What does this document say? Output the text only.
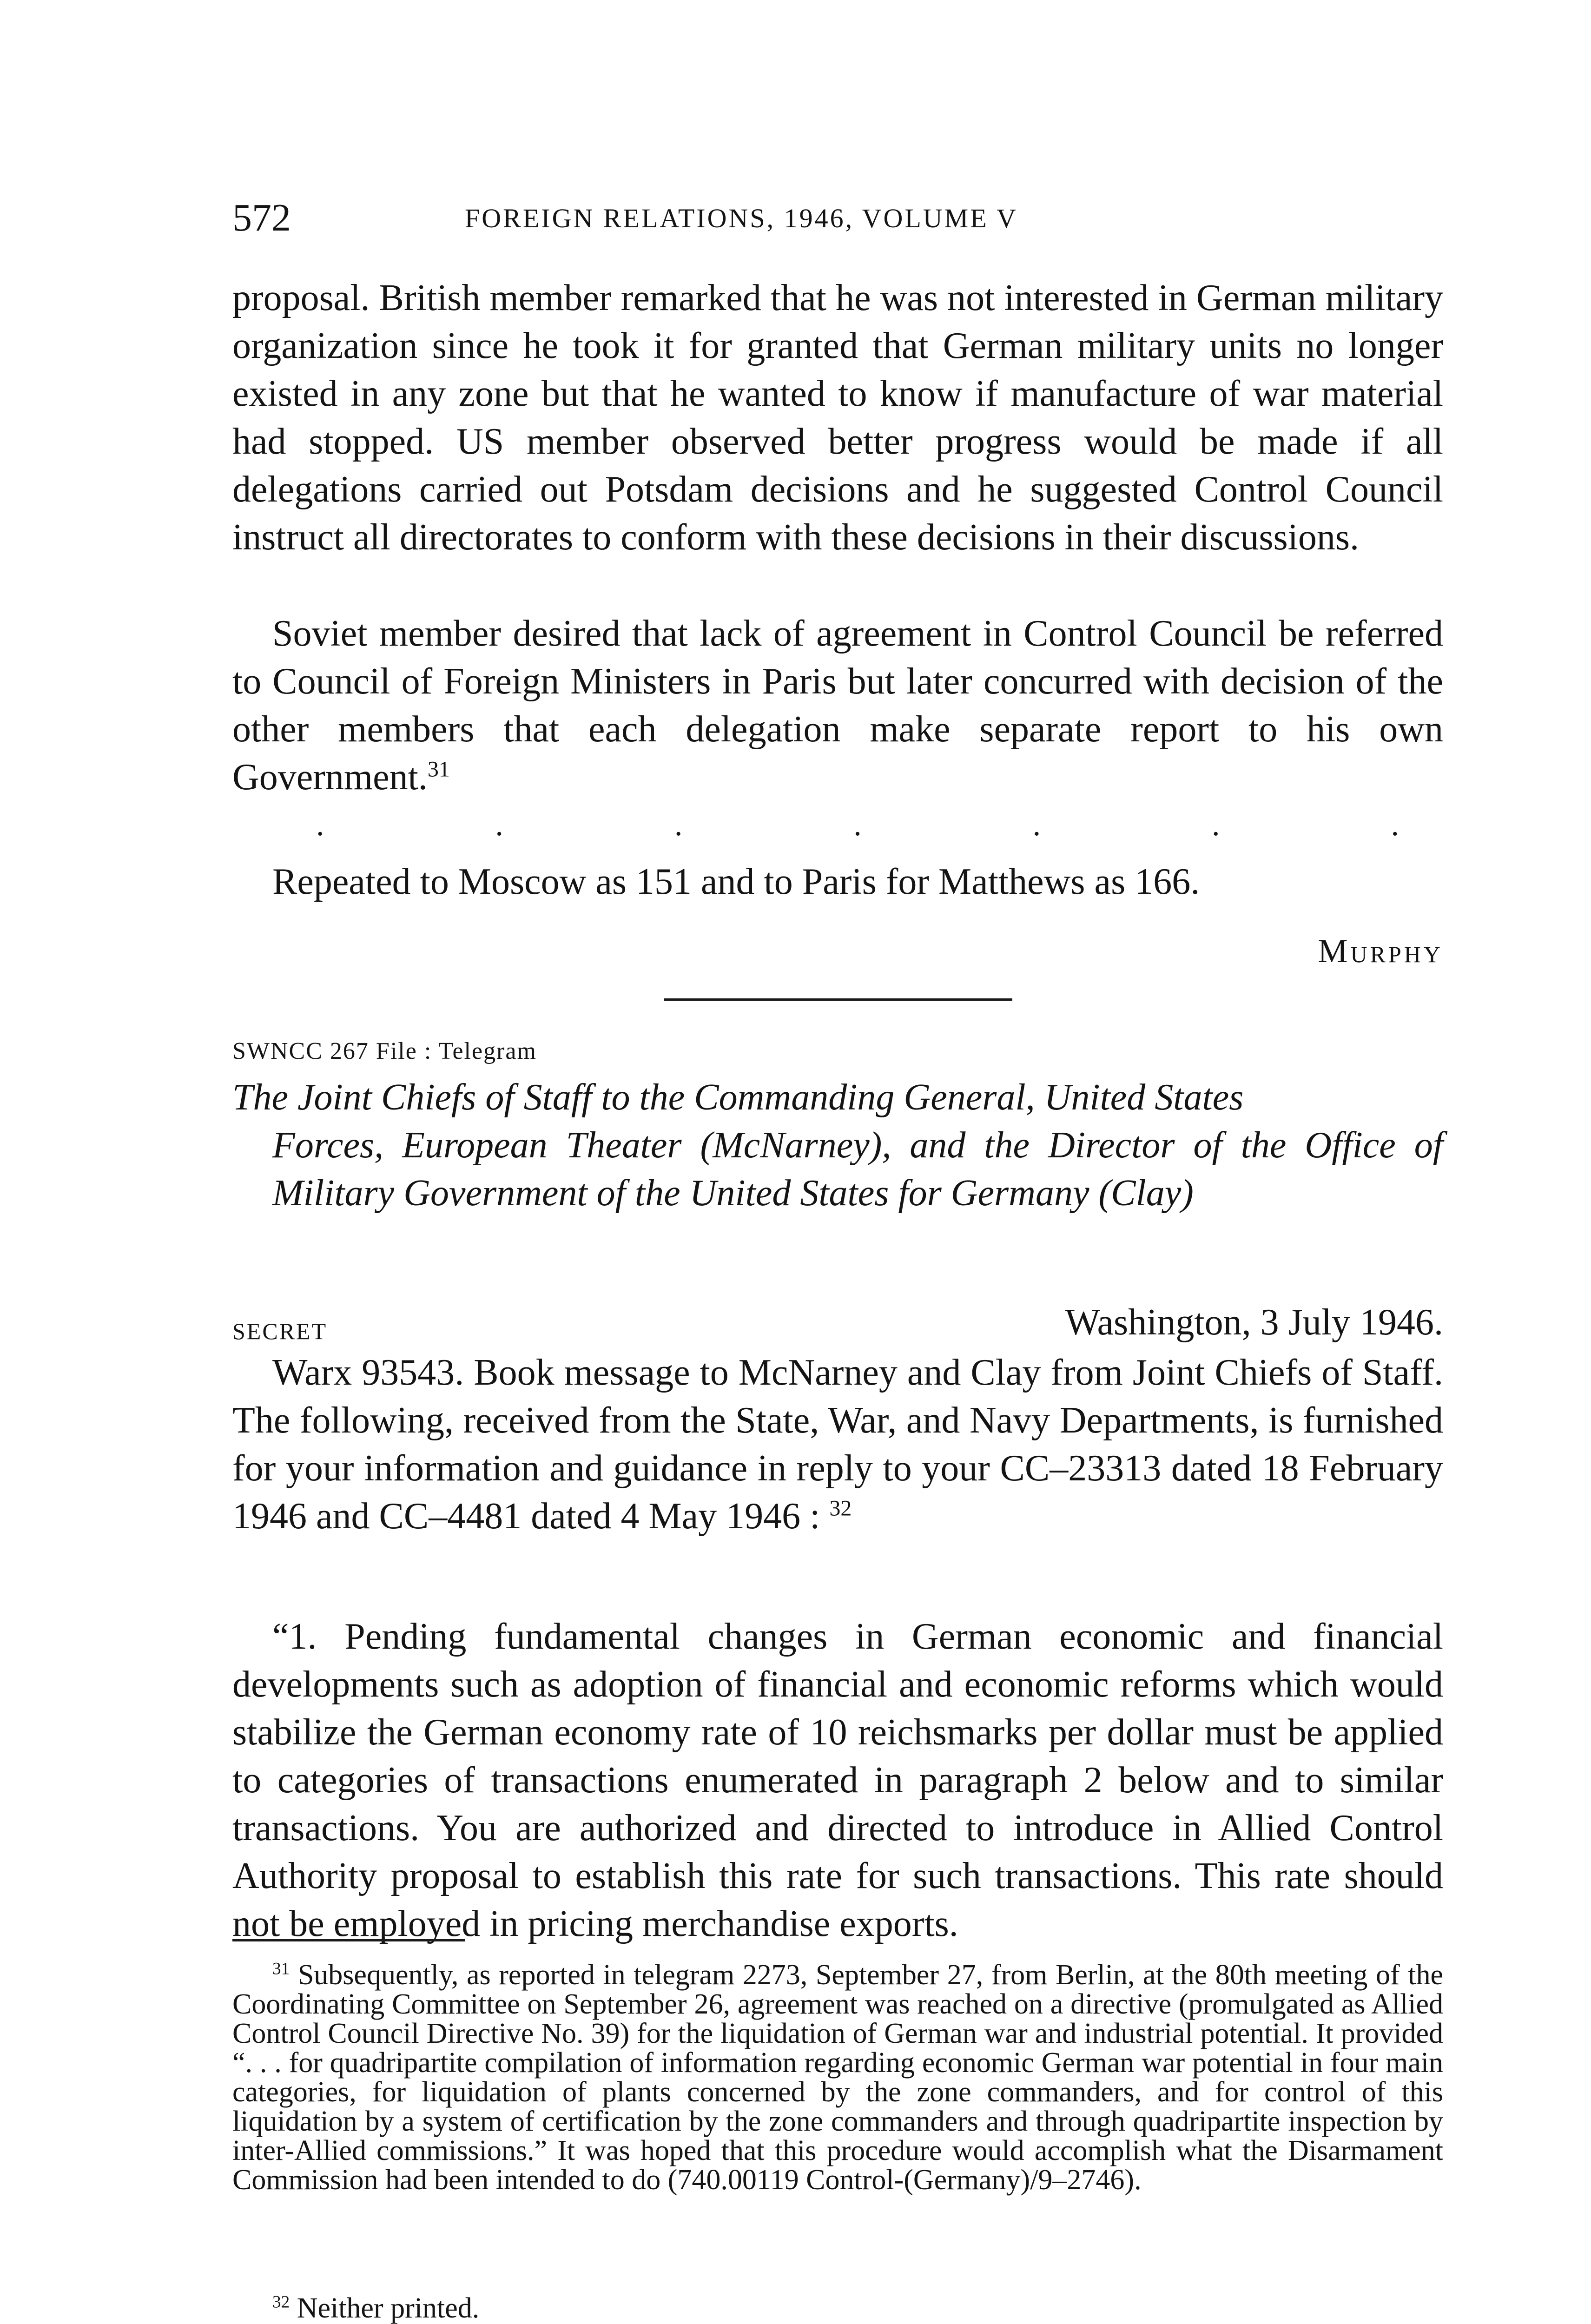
572	FOREIGN RELATIONS, 1946, VOLUME V

proposal. British member remarked that he was not interested in German military organization since he took it for granted that German military units no longer existed in any zone but that he wanted to know if manufacture of war material had stopped. US member observed better progress would be made if all delegations carried out Potsdam decisions and he suggested Control Council instruct all directorates to conform with these decisions in their discussions.

Soviet member desired that lack of agreement in Control Council be referred to Council of Foreign Ministers in Paris but later concurred with decision of the other members that each delegation make separate report to his own Government.$^{31}$

.	.	.	.	.	.	.

Repeated to Moscow as 151 and to Paris for Matthews as 166.

Murphy
SWNCC 267 File : Telegram
The Joint Chiefs of Staff to the Commanding General, United States
Forces, European Theater (McNarney), and the Director of the Office of Military Government of the United States for Germany (Clay)
SECRET	Washington, 3 July 1946.

Warx 93543. Book message to McNarney and Clay from Joint Chiefs of Staff. The following, received from the State, War, and Navy Departments, is furnished for your information and guidance in reply to your CC–23313 dated 18 February 1946 and CC–4481 dated 4 May 1946 : $^{32}$

“1. Pending fundamental changes in German economic and financial developments such as adoption of financial and economic reforms which would stabilize the German economy rate of 10 reichsmarks per dollar must be applied to categories of transactions enumerated in paragraph 2 below and to similar transactions. You are authorized and directed to introduce in Allied Control Authority proposal to establish this rate for such transactions. This rate should not be employed in pricing merchandise exports.

$^{31}$ Subsequently, as reported in telegram 2273, September 27, from Berlin, at the 80th meeting of the Coordinating Committee on September 26, agreement was reached on a directive (promulgated as Allied Control Council Directive No. 39) for the liquidation of German war and industrial potential. It provided “. . . for quadripartite compilation of information regarding economic German war potential in four main categories, for liquidation of plants concerned by the zone commanders, and for control of this liquidation by a system of certification by the zone commanders and through quadripartite inspection by inter-Allied commissions.” It was hoped that this procedure would accomplish what the Disarmament Commission had been intended to do (740.00119 Control-(Germany)/9–2746).

$^{32}$ Neither printed.
